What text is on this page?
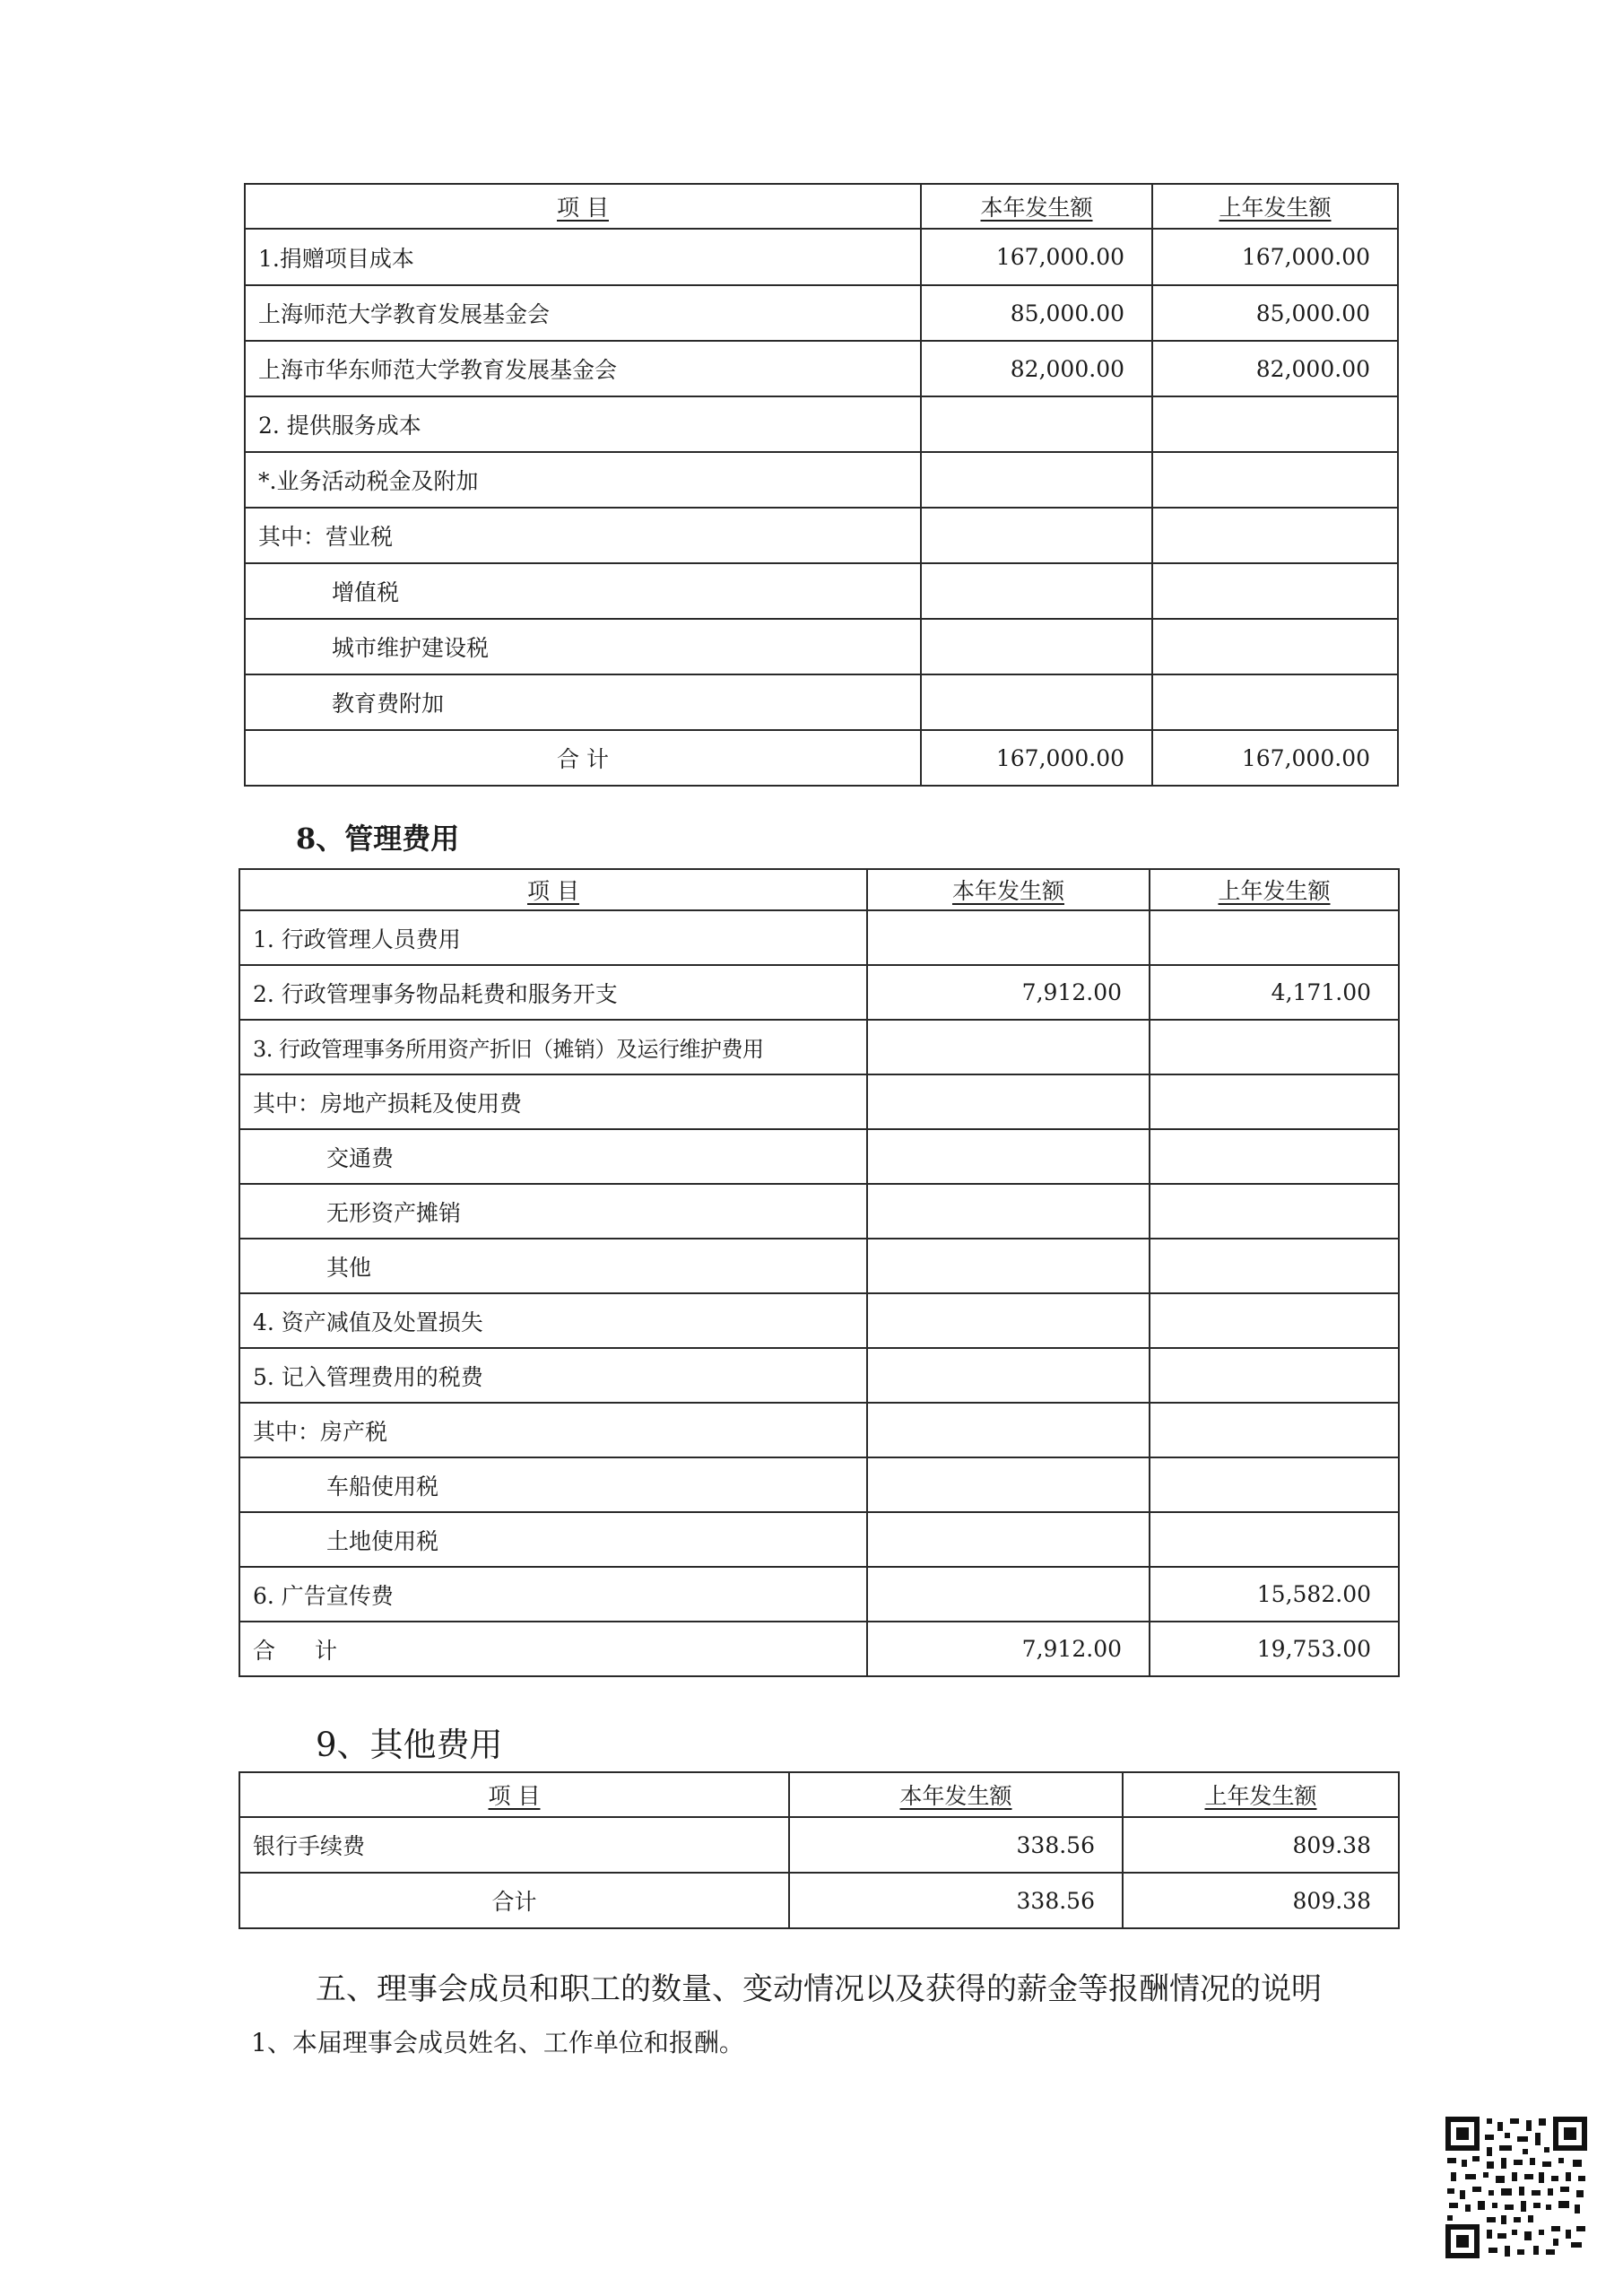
项 目	本年发生额	上年发生额
1.捐赠项目成本	167,000.00	167,000.00
上海师范大学教育发展基金会	85,000.00	85,000.00
上海市华东师范大学教育发展基金会	82,000.00	82,000.00
2. 提供服务成本		
*.业务活动税金及附加		
其中：营业税		
增值税		
城市维护建设税		
教育费附加		
合 计	167,000.00	167,000.00
8、管理费用
项 目	本年发生额	上年发生额
1. 行政管理人员费用		
2. 行政管理事务物品耗费和服务开支	7,912.00	4,171.00
3. 行政管理事务所用资产折旧（摊销）及运行维护费用		
其中：房地产损耗及使用费		
交通费		
无形资产摊销		
其他		
4. 资产减值及处置损失		
5. 记入管理费用的税费		
其中：房产税		
车船使用税		
土地使用税		
6. 广告宣传费		15,582.00
合 计	7,912.00	19,753.00
9、其他费用
项 目	本年发生额	上年发生额
银行手续费	338.56	809.38
合计	338.56	809.38
五、理事会成员和职工的数量、变动情况以及获得的薪金等报酬情况的说明
1、本届理事会成员姓名、工作单位和报酬。
